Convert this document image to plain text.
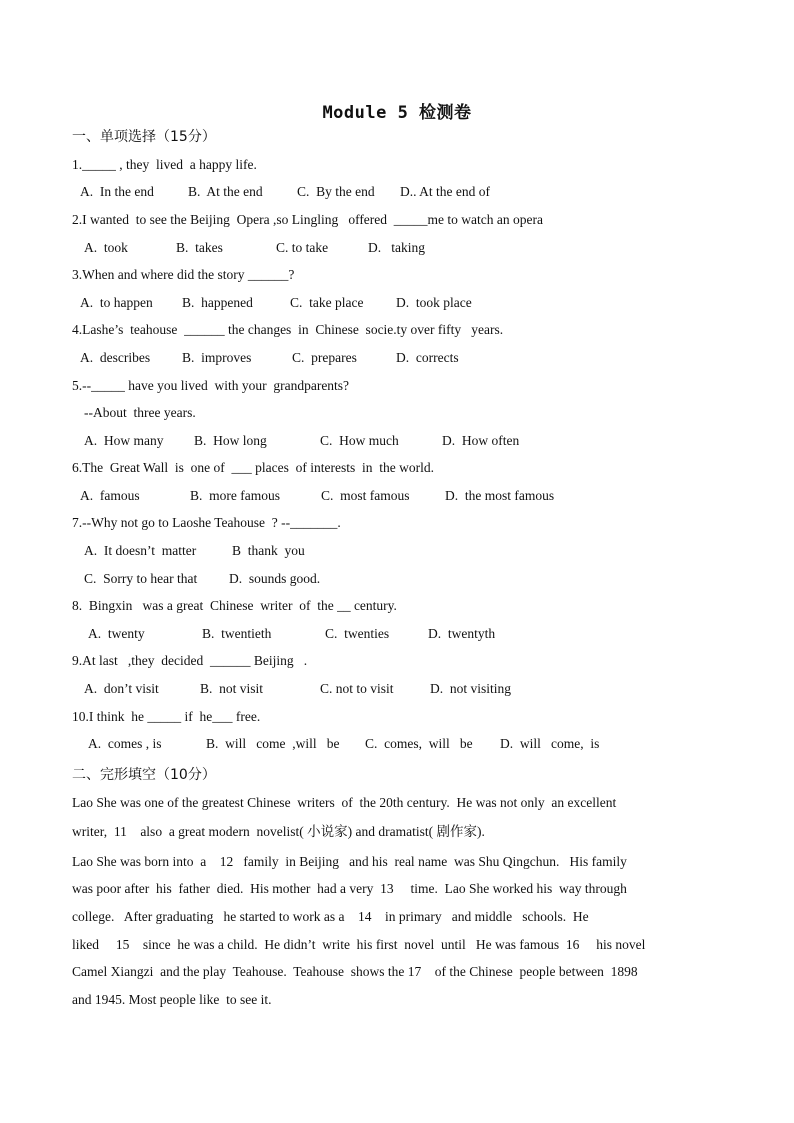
Module 5 检测卷
一、单项选择（15分）
1._____ , they  lived  a happy life.
A.  In the end	B.  At the end	C.  By the end D.. At the end of
2.I wanted  to see the Beijing  Opera ,so Lingling   offered  _____me to watch an opera
A.  took	B.  takes	C. to take	D.   taking
3.When and where did the story ______?
A.  to happen B.  happened	C.  take place D.  took place
4.Lashe’s  teahouse  ______ the changes  in  Chinese  socie.ty over fifty   years.
A.  describes B.  improves	C.  prepares	D.  corrects
5.--_____ have you lived  with your  grandparents?
--About  three years.
A.  How many B.  How long	C.  How much	D.  How often
6.The  Great Wall  is  one of  ___ places  of interests  in  the world.
A.  famous	B.  more famous	C.  most famous	D.  the most famous
7.--Why not go to Laoshe Teahouse  ? --_______.
A.  It doesn’t  matter	B  thank  you
C.  Sorry to hear that D.  sounds good.
8.  Bingxin   was a great  Chinese  writer  of  the __ century.
A.  twenty	B.  twentieth	C.  twenties	D.  twentyth
9.At last   ,they  decided  ______ Beijing   .
A.  don’t visit	B.  not visit	C. not to visit	D.  not visiting
10.I think  he _____ if  he___ free.
A.  comes , is	B.  will   come  ,will   be C.  comes,  will   be D.  will   come,  is
二、完形填空（10分）
Lao She was one of the greatest Chinese  writers  of  the 20th century.  He was not only  an excellent
writer,  11    also  a great modern  novelist( 小说家) and dramatist( 剧作家).
Lao She was born into  a    12   family  in Beijing   and his  real name  was Shu Qingchun.   His family
was poor after  his  father  died.  His mother  had a very  13     time.  Lao She worked his  way through
college.   After graduating   he started to work as a    14    in primary   and middle   schools.  He
liked     15    since  he was a child.  He didn’t  write  his first  novel  until   He was famous  16     his novel
Camel Xiangzi  and the play  Teahouse.  Teahouse  shows the 17    of the Chinese  people between  1898
and 1945. Most people like  to see it.
